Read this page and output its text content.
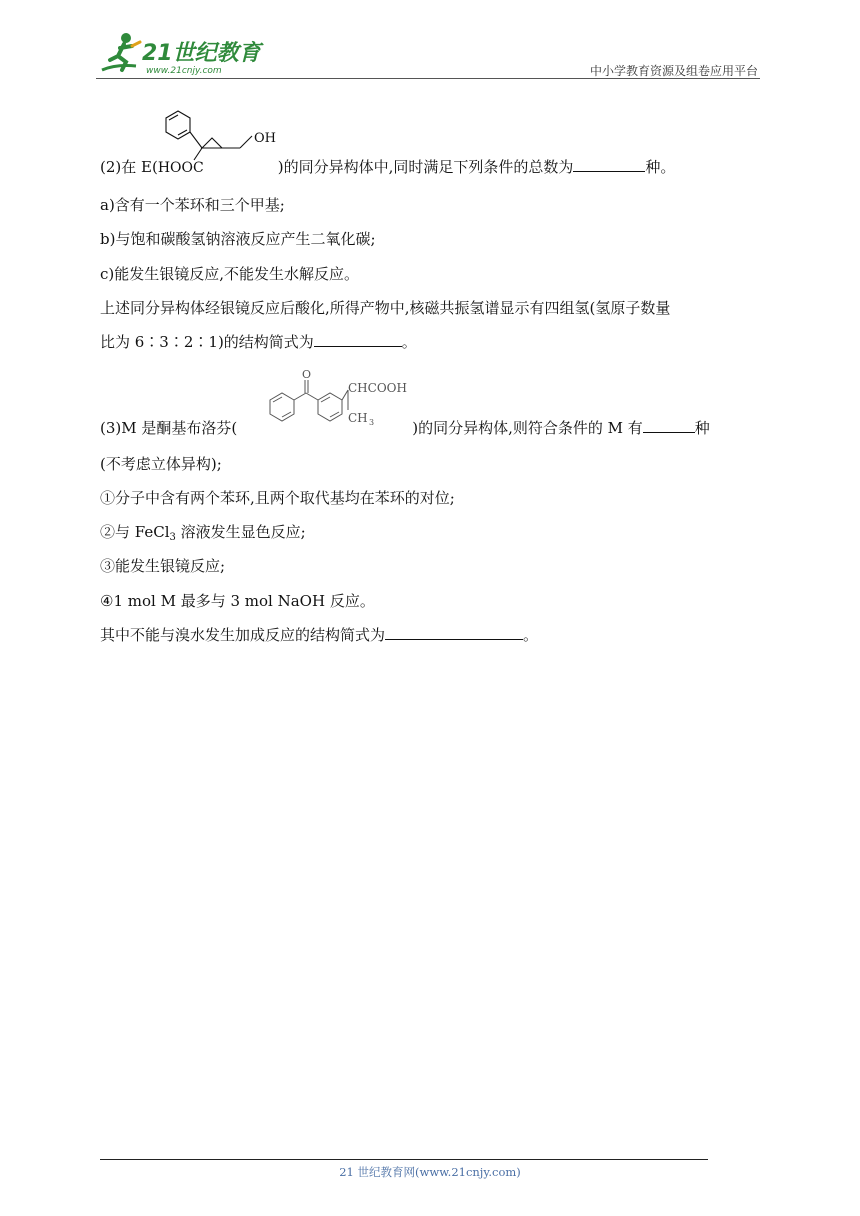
21世纪教育
www.21cnjy.com	中小学教育资源及组卷应用平台
OH
(2)在 E(HOOC	)的同分异构体中,同时满足下列条件的总数为	种。
a)含有一个苯环和三个甲基;
b)与饱和碳酸氢钠溶液反应产生二氧化碳;
c)能发生银镜反应,不能发生水解反应。
上述同分异构体经银镜反应后酸化,所得产物中,核磁共振氢谱显示有四组氢(氢原子数量
比为 6∶3∶2∶1)的结构简式为	。
O
CHCOOH
CH 3
(3)M 是酮基布洛芬(	)的同分异构体,则符合条件的 M 有	种
(不考虑立体异构);
①分子中含有两个苯环,且两个取代基均在苯环的对位;
②与 FeCl$_3$ 溶液发生显色反应;
③能发生银镜反应;
④1 mol M 最多与 3 mol NaOH 反应。
其中不能与溴水发生加成反应的结构简式为	。
21 世纪教育网(www.21cnjy.com)
